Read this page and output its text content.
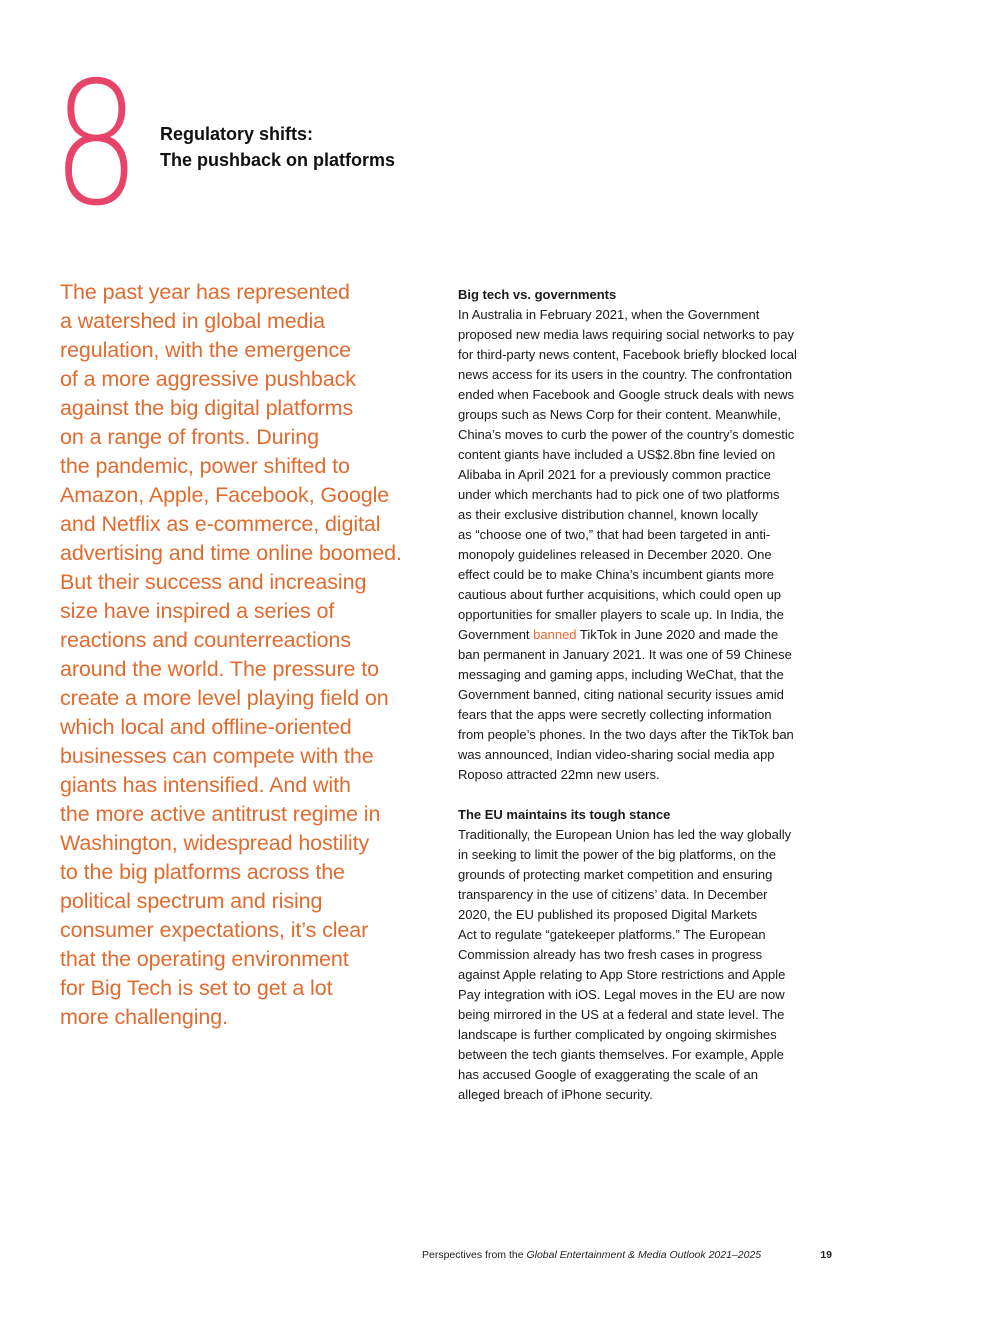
8 Regulatory shifts:
The pushback on platforms

The past year has represented
a watershed in global media
regulation, with the emergence
of a more aggressive pushback
against the big digital platforms
on a range of fronts. During
the pandemic, power shifted to
Amazon, Apple, Facebook, Google
and Netflix as e-commerce, digital
advertising and time online boomed.
But their success and increasing
size have inspired a series of
reactions and counterreactions
around the world. The pressure to
create a more level playing field on
which local and offline-oriented
businesses can compete with the
giants has intensified. And with
the more active antitrust regime in
Washington, widespread hostility
to the big platforms across the
political spectrum and rising
consumer expectations, it’s clear
that the operating environment
for Big Tech is set to get a lot
more challenging.

Big tech vs. governments

In Australia in February 2021, when the Government
proposed new media laws requiring social networks to pay
for third-party news content, Facebook briefly blocked local
news access for its users in the country. The confrontation
ended when Facebook and Google struck deals with news
groups such as News Corp for their content. Meanwhile,
China’s moves to curb the power of the country’s domestic
content giants have included a US$2.8bn fine levied on
Alibaba in April 2021 for a previously common practice
under which merchants had to pick one of two platforms
as their exclusive distribution channel, known locally
as “choose one of two,” that had been targeted in anti-
monopoly guidelines released in December 2020. One
effect could be to make China’s incumbent giants more
cautious about further acquisitions, which could open up
opportunities for smaller players to scale up. In India, the

Government banned TikTok in June 2020 and made the

ban permanent in January 2021. It was one of 59 Chinese
messaging and gaming apps, including WeChat, that the
Government banned, citing national security issues amid
fears that the apps were secretly collecting information
from people’s phones. In the two days after the TikTok ban
was announced, Indian video-sharing social media app
Roposo attracted 22mn new users.

The EU maintains its tough stance

Traditionally, the European Union has led the way globally
in seeking to limit the power of the big platforms, on the
grounds of protecting market competition and ensuring
transparency in the use of citizens’ data. In December
2020, the EU published its proposed Digital Markets
Act to regulate “gatekeeper platforms.” The European
Commission already has two fresh cases in progress
against Apple relating to App Store restrictions and Apple
Pay integration with iOS. Legal moves in the EU are now
being mirrored in the US at a federal and state level. The
landscape is further complicated by ongoing skirmishes
between the tech giants themselves. For example, Apple
has accused Google of exaggerating the scale of an
alleged breach of iPhone security.

Perspectives from the Global Entertainment & Media Outlook 2021–2025	19
